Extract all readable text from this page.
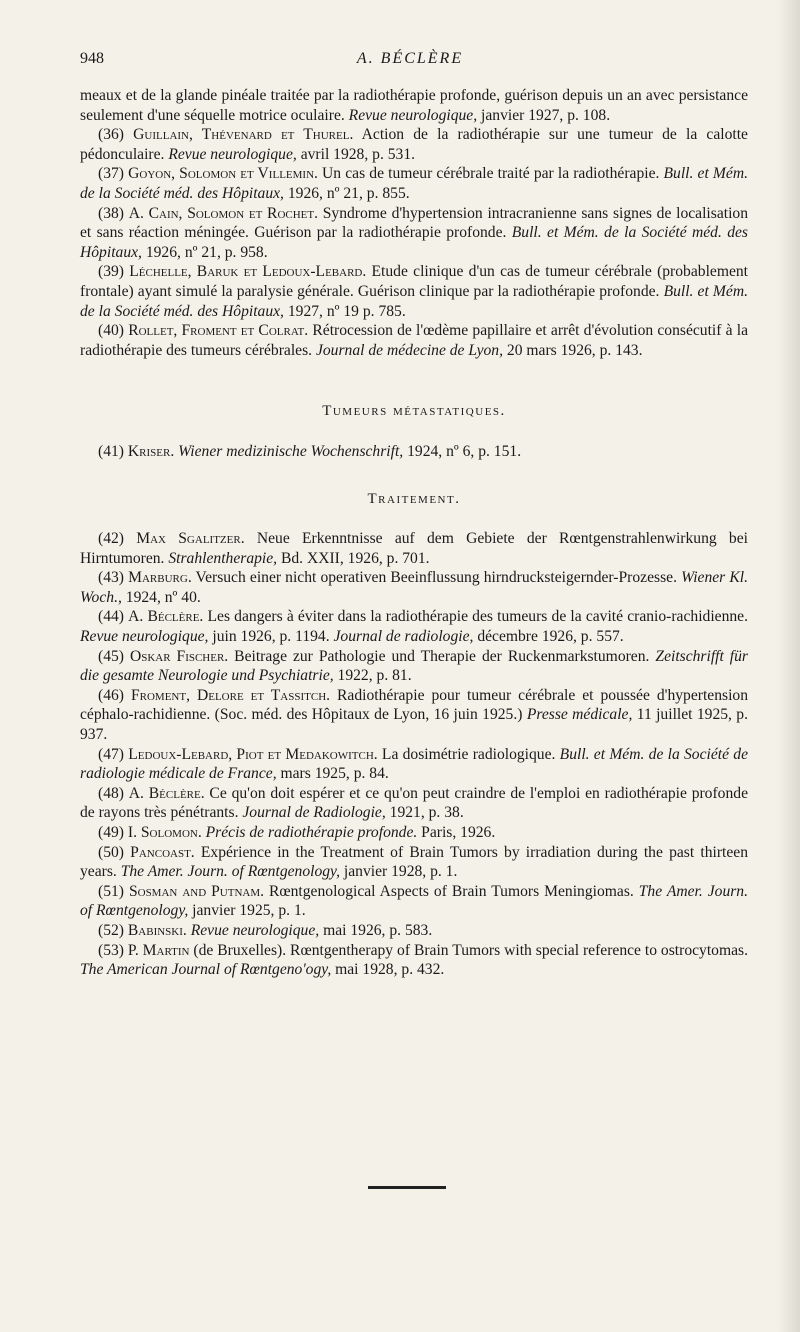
948	A. BÉCLÈRE

meaux et de la glande pinéale traitée par la radiothérapie profonde, guérison depuis un an avec persistance seulement d'une séquelle motrice oculaire. Revue neurologique, janvier 1927, p. 108.

(36) Guillain, Thévenard et Thurel. Action de la radiothérapie sur une tumeur de la calotte pédonculaire. Revue neurologique, avril 1928, p. 531.

(37) Goyon, Solomon et Villemin. Un cas de tumeur cérébrale traité par la radiothérapie. Bull. et Mém. de la Société méd. des Hôpitaux, 1926, nº 21, p. 855.

(38) A. Cain, Solomon et Rochet. Syndrome d'hypertension intracranienne sans signes de localisation et sans réaction méningée. Guérison par la radiothérapie profonde. Bull. et Mém. de la Société méd. des Hôpitaux, 1926, nº 21, p. 958.

(39) Léchelle, Baruk et Ledoux-Lebard. Etude clinique d'un cas de tumeur cérébrale (probablement frontale) ayant simulé la paralysie générale. Guérison clinique par la radiothérapie profonde. Bull. et Mém. de la Société méd. des Hôpitaux, 1927, nº 19 p. 785.

(40) Rollet, Froment et Colrat. Rétrocession de l'œdème papillaire et arrêt d'évolution consécutif à la radiothérapie des tumeurs cérébrales. Journal de médecine de Lyon, 20 mars 1926, p. 143.

Tumeurs métastatiques.

(41) Kriser. Wiener medizinische Wochenschrift, 1924, nº 6, p. 151.

Traitement.

(42) Max Sgalitzer. Neue Erkenntnisse auf dem Gebiete der Rœntgenstrahlenwirkung bei Hirntumoren. Strahlentherapie, Bd. XXII, 1926, p. 701.

(43) Marburg. Versuch einer nicht operativen Beeinflussung hirndrucksteigernder-Prozesse. Wiener Kl. Woch., 1924, nº 40.

(44) A. Béclère. Les dangers à éviter dans la radiothérapie des tumeurs de la cavité cranio-rachidienne. Revue neurologique, juin 1926, p. 1194. Journal de radiologie, décembre 1926, p. 557.

(45) Oskar Fischer. Beitrage zur Pathologie und Therapie der Ruckenmarkstumoren. Zeitschrifft für die gesamte Neurologie und Psychiatrie, 1922, p. 81.

(46) Froment, Delore et Tassitch. Radiothérapie pour tumeur cérébrale et poussée d'hypertension céphalo-rachidienne. (Soc. méd. des Hôpitaux de Lyon, 16 juin 1925.) Presse médicale, 11 juillet 1925, p. 937.

(47) Ledoux-Lebard, Piot et Medakowitch. La dosimétrie radiologique. Bull. et Mém. de la Société de radiologie médicale de France, mars 1925, p. 84.

(48) A. Béclère. Ce qu'on doit espérer et ce qu'on peut craindre de l'emploi en radiothérapie profonde de rayons très pénétrants. Journal de Radiologie, 1921, p. 38.

(49) I. Solomon. Précis de radiothérapie profonde. Paris, 1926.

(50) Pancoast. Expérience in the Treatment of Brain Tumors by irradiation during the past thirteen years. The Amer. Journ. of Rœntgenology, janvier 1928, p. 1.

(51) Sosman and Putnam. Rœntgenological Aspects of Brain Tumors Meningiomas. The Amer. Journ. of Rœntgenology, janvier 1925, p. 1.

(52) Babinski. Revue neurologique, mai 1926, p. 583.

(53) P. Martin (de Bruxelles). Rœntgentherapy of Brain Tumors with special reference to ostrocytomas. The American Journal of Rœntgeno'ogy, mai 1928, p. 432.
